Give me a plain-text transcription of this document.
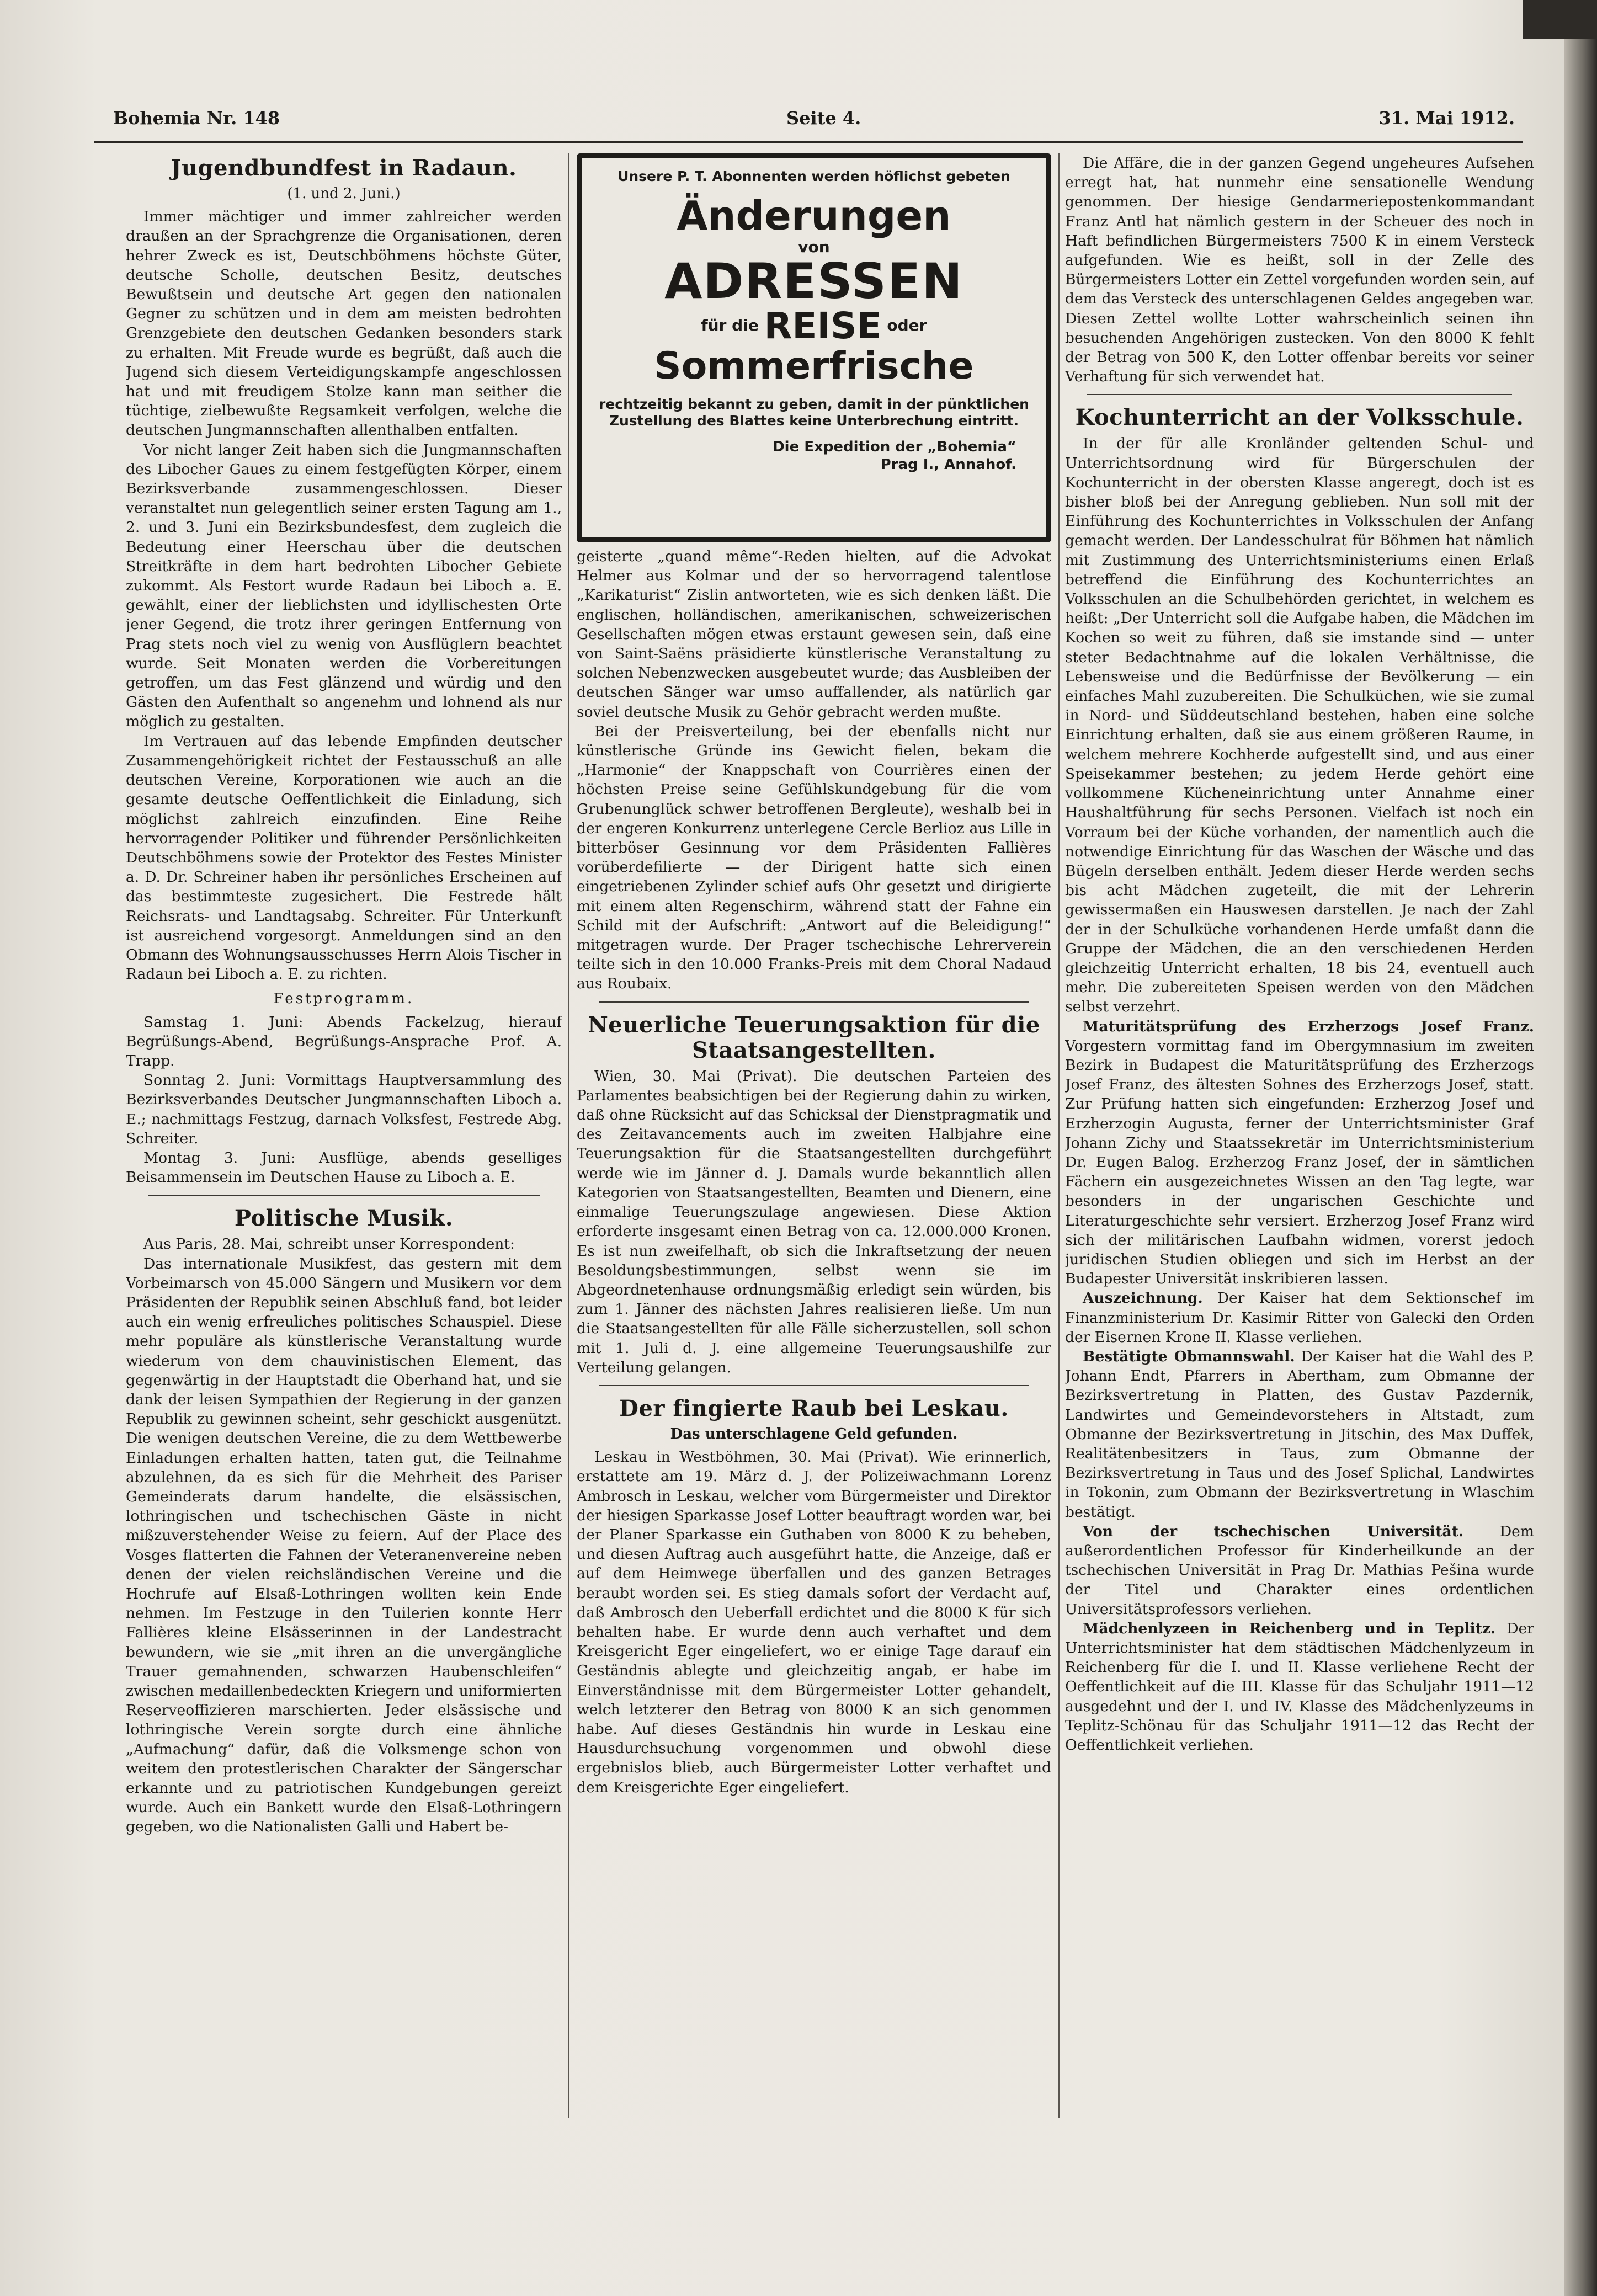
Bohemia Nr. 148	Seite 4.	31. Mai 1912.
Jugendbundfest in Radaun.
(1. und 2. Juni.)

Immer mächtiger und immer zahlreicher werden draußen an der Sprachgrenze die Organisationen, deren hehrer Zweck es ist, Deutschböhmens höchste Güter, deutsche Scholle, deutschen Besitz, deutsches Bewußtsein und deutsche Art gegen den nationalen Gegner zu schützen und in dem am meisten bedrohten Grenzgebiete den deutschen Gedanken besonders stark zu erhalten. Mit Freude wurde es begrüßt, daß auch die Jugend sich diesem Verteidigungskampfe angeschlossen hat und mit freudigem Stolze kann man seither die tüchtige, zielbewußte Regsamkeit verfolgen, welche die deutschen Jungmannschaften allenthalben entfalten.

Vor nicht langer Zeit haben sich die Jungmannschaften des Libocher Gaues zu einem festgefügten Körper, einem Bezirksverbande zusammengeschlossen. Dieser veranstaltet nun gelegentlich seiner ersten Tagung am 1., 2. und 3. Juni ein Bezirksbundesfest, dem zugleich die Bedeutung einer Heerschau über die deutschen Streitkräfte in dem hart bedrohten Libocher Gebiete zukommt. Als Festort wurde Radaun bei Liboch a. E. gewählt, einer der lieblichsten und idyllischesten Orte jener Gegend, die trotz ihrer geringen Entfernung von Prag stets noch viel zu wenig von Ausflüglern beachtet wurde. Seit Monaten werden die Vorbereitungen getroffen, um das Fest glänzend und würdig und den Gästen den Aufenthalt so angenehm und lohnend als nur möglich zu gestalten.

Im Vertrauen auf das lebende Empfinden deutscher Zusammengehörigkeit richtet der Festausschuß an alle deutschen Vereine, Korporationen wie auch an die gesamte deutsche Oeffentlichkeit die Einladung, sich möglichst zahlreich einzufinden. Eine Reihe hervorragender Politiker und führender Persönlichkeiten Deutschböhmens sowie der Protektor des Festes Minister a. D. Dr. Schreiner haben ihr persönliches Erscheinen auf das bestimmteste zugesichert. Die Festrede hält Reichsrats- und Landtagsabg. Schreiter. Für Unterkunft ist ausreichend vorgesorgt. Anmeldungen sind an den Obmann des Wohnungsausschusses Herrn Alois Tischer in Radaun bei Liboch a. E. zu richten.

Festprogramm.

Samstag 1. Juni: Abends Fackelzug, hierauf Begrüßungs-Abend, Begrüßungs-Ansprache Prof. A. Trapp.

Sonntag 2. Juni: Vormittags Hauptversammlung des Bezirksverbandes Deutscher Jungmannschaften Liboch a. E.; nachmittags Festzug, darnach Volksfest, Festrede Abg. Schreiter.

Montag 3. Juni: Ausflüge, abends geselliges Beisammensein im Deutschen Hause zu Liboch a. E.

Politische Musik.

Aus Paris, 28. Mai, schreibt unser Korrespondent:

Das internationale Musikfest, das gestern mit dem Vorbeimarsch von 45.000 Sängern und Musikern vor dem Präsidenten der Republik seinen Abschluß fand, bot leider auch ein wenig erfreuliches politisches Schauspiel. Diese mehr populäre als künstlerische Veranstaltung wurde wiederum von dem chauvinistischen Element, das gegenwärtig in der Hauptstadt die Oberhand hat, und sie dank der leisen Sympathien der Regierung in der ganzen Republik zu gewinnen scheint, sehr geschickt ausgenützt. Die wenigen deutschen Vereine, die zu dem Wettbewerbe Einladungen erhalten hatten, taten gut, die Teilnahme abzulehnen, da es sich für die Mehrheit des Pariser Gemeinderats darum handelte, die elsässischen, lothringischen und tschechischen Gäste in nicht mißzuverstehender Weise zu feiern. Auf der Place des Vosges flatterten die Fahnen der Veteranenvereine neben denen der vielen reichsländischen Vereine und die Hochrufe auf Elsaß-Lothringen wollten kein Ende nehmen. Im Festzuge in den Tuilerien konnte Herr Fallières kleine Elsässerinnen in der Landestracht bewundern, wie sie „mit ihren an die unvergängliche Trauer gemahnenden, schwarzen Haubenschleifen“ zwischen medaillenbedeckten Kriegern und uniformierten Reserveoffizieren marschierten. Jeder elsässische und lothringische Verein sorgte durch eine ähnliche „Aufmachung“ dafür, daß die Volksmenge schon von weitem den protestlerischen Charakter der Sängerschar erkannte und zu patriotischen Kundgebungen gereizt wurde. Auch ein Bankett wurde den Elsaß-Lothringern gegeben, wo die Nationalisten Galli und Habert be-

Unsere P. T. Abonnenten werden höflichst gebeten
Änderungen
von
ADRESSEN
für die REISE oder
Sommerfrische
rechtzeitig bekannt zu geben, damit in der pünktlichen Zustellung des Blattes keine Unterbrechung eintritt.
Die Expedition der „Bohemia“
Prag I., Annahof.

geisterte „quand même“-Reden hielten, auf die Advokat Helmer aus Kolmar und der so hervorragend talentlose „Karikaturist“ Zislin antworteten, wie es sich denken läßt. Die englischen, holländischen, amerikanischen, schweizerischen Gesellschaften mögen etwas erstaunt gewesen sein, daß eine von Saint-Saëns präsidierte künstlerische Veranstaltung zu solchen Nebenzwecken ausgebeutet wurde; das Ausbleiben der deutschen Sänger war umso auffallender, als natürlich gar soviel deutsche Musik zu Gehör gebracht werden mußte.

Bei der Preisverteilung, bei der ebenfalls nicht nur künstlerische Gründe ins Gewicht fielen, bekam die „Harmonie“ der Knappschaft von Courrières einen der höchsten Preise seine Gefühlskundgebung für die vom Grubenunglück schwer betroffenen Bergleute), weshalb bei in der engeren Konkurrenz unterlegene Cercle Berlioz aus Lille in bitterböser Gesinnung vor dem Präsidenten Fallières vorüberdefilierte — der Dirigent hatte sich einen eingetriebenen Zylinder schief aufs Ohr gesetzt und dirigierte mit einem alten Regenschirm, während statt der Fahne ein Schild mit der Aufschrift: „Antwort auf die Beleidigung!“ mitgetragen wurde. Der Prager tschechische Lehrerverein teilte sich in den 10.000 Franks-Preis mit dem Choral Nadaud aus Roubaix.

Neuerliche Teuerungsaktion für die Staatsangestellten.

Wien, 30. Mai (Privat). Die deutschen Parteien des Parlamentes beabsichtigen bei der Regierung dahin zu wirken, daß ohne Rücksicht auf das Schicksal der Dienstpragmatik und des Zeitavancements auch im zweiten Halbjahre eine Teuerungsaktion für die Staatsangestellten durchgeführt werde wie im Jänner d. J. Damals wurde bekanntlich allen Kategorien von Staatsangestellten, Beamten und Dienern, eine einmalige Teuerungszulage angewiesen. Diese Aktion erforderte insgesamt einen Betrag von ca. 12.000.000 Kronen. Es ist nun zweifelhaft, ob sich die Inkraftsetzung der neuen Besoldungsbestimmungen, selbst wenn sie im Abgeordnetenhause ordnungsmäßig erledigt sein würden, bis zum 1. Jänner des nächsten Jahres realisieren ließe. Um nun die Staatsangestellten für alle Fälle sicherzustellen, soll schon mit 1. Juli d. J. eine allgemeine Teuerungsaushilfe zur Verteilung gelangen.

Der fingierte Raub bei Leskau.
Das unterschlagene Geld gefunden.

Leskau in Westböhmen, 30. Mai (Privat). Wie erinnerlich, erstattete am 19. März d. J. der Polizeiwachmann Lorenz Ambrosch in Leskau, welcher vom Bürgermeister und Direktor der hiesigen Sparkasse Josef Lotter beauftragt worden war, bei der Planer Sparkasse ein Guthaben von 8000 K zu beheben, und diesen Auftrag auch ausgeführt hatte, die Anzeige, daß er auf dem Heimwege überfallen und des ganzen Betrages beraubt worden sei. Es stieg damals sofort der Verdacht auf, daß Ambrosch den Ueberfall erdichtet und die 8000 K für sich behalten habe. Er wurde denn auch verhaftet und dem Kreisgericht Eger eingeliefert, wo er einige Tage darauf ein Geständnis ablegte und gleichzeitig angab, er habe im Einverständnisse mit dem Bürgermeister Lotter gehandelt, welch letzterer den Betrag von 8000 K an sich genommen habe. Auf dieses Geständnis hin wurde in Leskau eine Hausdurchsuchung vorgenommen und obwohl diese ergebnislos blieb, auch Bürgermeister Lotter verhaftet und dem Kreisgerichte Eger eingeliefert.

Die Affäre, die in der ganzen Gegend ungeheures Aufsehen erregt hat, hat nunmehr eine sensationelle Wendung genommen. Der hiesige Gendarmeriepostenkommandant Franz Antl hat nämlich gestern in der Scheuer des noch in Haft befindlichen Bürgermeisters 7500 K in einem Versteck aufgefunden. Wie es heißt, soll in der Zelle des Bürgermeisters Lotter ein Zettel vorgefunden worden sein, auf dem das Versteck des unterschlagenen Geldes angegeben war. Diesen Zettel wollte Lotter wahrscheinlich seinen ihn besuchenden Angehörigen zustecken. Von den 8000 K fehlt der Betrag von 500 K, den Lotter offenbar bereits vor seiner Verhaftung für sich verwendet hat.

Kochunterricht an der Volksschule.

In der für alle Kronländer geltenden Schul- und Unterrichtsordnung wird für Bürgerschulen der Kochunterricht in der obersten Klasse angeregt, doch ist es bisher bloß bei der Anregung geblieben. Nun soll mit der Einführung des Kochunterrichtes in Volksschulen der Anfang gemacht werden. Der Landesschulrat für Böhmen hat nämlich mit Zustimmung des Unterrichtsministeriums einen Erlaß betreffend die Einführung des Kochunterrichtes an Volksschulen an die Schulbehörden gerichtet, in welchem es heißt: „Der Unterricht soll die Aufgabe haben, die Mädchen im Kochen so weit zu führen, daß sie imstande sind — unter steter Bedachtnahme auf die lokalen Verhältnisse, die Lebensweise und die Bedürfnisse der Bevölkerung — ein einfaches Mahl zuzubereiten. Die Schulküchen, wie sie zumal in Nord- und Süddeutschland bestehen, haben eine solche Einrichtung erhalten, daß sie aus einem größeren Raume, in welchem mehrere Kochherde aufgestellt sind, und aus einer Speisekammer bestehen; zu jedem Herde gehört eine vollkommene Kücheneinrichtung unter Annahme einer Haushaltführung für sechs Personen. Vielfach ist noch ein Vorraum bei der Küche vorhanden, der namentlich auch die notwendige Einrichtung für das Waschen der Wäsche und das Bügeln derselben enthält. Jedem dieser Herde werden sechs bis acht Mädchen zugeteilt, die mit der Lehrerin gewissermaßen ein Hauswesen darstellen. Je nach der Zahl der in der Schulküche vorhandenen Herde umfaßt dann die Gruppe der Mädchen, die an den verschiedenen Herden gleichzeitig Unterricht erhalten, 18 bis 24, eventuell auch mehr. Die zubereiteten Speisen werden von den Mädchen selbst verzehrt.

Maturitätsprüfung des Erzherzogs Josef Franz. Vorgestern vormittag fand im Obergymnasium im zweiten Bezirk in Budapest die Maturitätsprüfung des Erzherzogs Josef Franz, des ältesten Sohnes des Erzherzogs Josef, statt. Zur Prüfung hatten sich eingefunden: Erzherzog Josef und Erzherzogin Augusta, ferner der Unterrichtsminister Graf Johann Zichy und Staatssekretär im Unterrichtsministerium Dr. Eugen Balog. Erzherzog Franz Josef, der in sämtlichen Fächern ein ausgezeichnetes Wissen an den Tag legte, war besonders in der ungarischen Geschichte und Literaturgeschichte sehr versiert. Erzherzog Josef Franz wird sich der militärischen Laufbahn widmen, vorerst jedoch juridischen Studien obliegen und sich im Herbst an der Budapester Universität inskribieren lassen.

Auszeichnung. Der Kaiser hat dem Sektionschef im Finanzministerium Dr. Kasimir Ritter von Galecki den Orden der Eisernen Krone II. Klasse verliehen.

Bestätigte Obmannswahl. Der Kaiser hat die Wahl des P. Johann Endt, Pfarrers in Abertham, zum Obmanne der Bezirksvertretung in Platten, des Gustav Pazdernik, Landwirtes und Gemeindevorstehers in Altstadt, zum Obmanne der Bezirksvertretung in Jitschin, des Max Duffek, Realitätenbesitzers in Taus, zum Obmanne der Bezirksvertretung in Taus und des Josef Splichal, Landwirtes in Tokonin, zum Obmann der Bezirksvertretung in Wlaschim bestätigt.

Von der tschechischen Universität. Dem außerordentlichen Professor für Kinderheilkunde an der tschechischen Universität in Prag Dr. Mathias Pešina wurde der Titel und Charakter eines ordentlichen Universitätsprofessors verliehen.

Mädchenlyzeen in Reichenberg und in Teplitz. Der Unterrichtsminister hat dem städtischen Mädchenlyzeum in Reichenberg für die I. und II. Klasse verliehene Recht der Oeffentlichkeit auf die III. Klasse für das Schuljahr 1911—12 ausgedehnt und der I. und IV. Klasse des Mädchenlyzeums in Teplitz-Schönau für das Schuljahr 1911—12 das Recht der Oeffentlichkeit verliehen.
